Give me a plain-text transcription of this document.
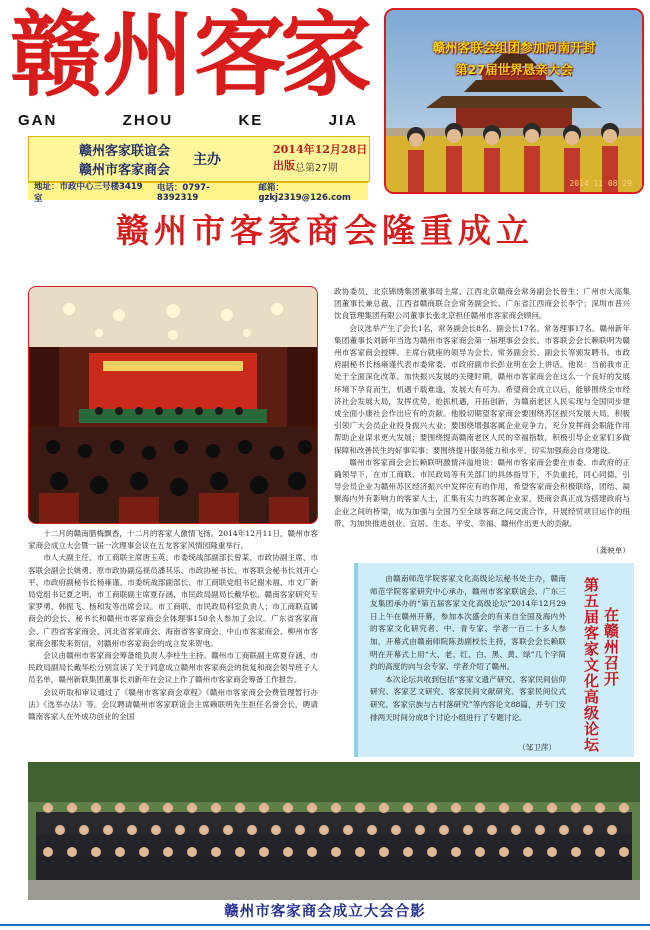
赣 州 客
家
GAN	ZHOU	KE	JIA
赣州客家联谊会
赣州市客家商会
主办
2014年12月28日出版 总第27期
地址：市政中心三号楼3419室
电话：0797-8392319
邮箱：gzkj2319@126.com
赣州客联会组团参加河南开封
第27届世界恳亲大会
2014 11 08 29
赣州市客家商会隆重成立

十二月的赣南腊梅飘香，十二月的客家人激情飞扬。2014年12月11日，赣州市客家商会成立大会暨一届一次理事会议在五龙客家风情园隆重举行。

市人大副主任、市工商联主席唐玉英、市委统战部副部长曾某、市政协副主席、市客联会副会长姚勇、原市政协副巡视员潘其乐、市政协秘书长、市客联会秘书长刘开心平、市政府副秘书长杨雍谨、市委统战部副部长、市工商联党组书记谢未福、市文广新局党组书记夏之明、市工商联副主席夏存涵、市民政局副局长戴华松、赣南客家研究专家罗勇、韩振飞、杨和发等出席会议。市工商联、市民政局科室负责人；市工商联直属商会的会长、秘书长和赣州市客家商会全体理事150余人参加了会议。广东省客家商会、广西省客家商会、河北省客家商会、海南省客家商会、中山市客家商会、柳州市客家商会都发来贺信，对赣州市客家商会的成立发来贺电。

会议由赣州市客家商会筹备组负责人李柱生主持。赣州市工商联副主席夏存涵、市民政局副局长戴华松分别宣读了关于同意成立赣州市客家商会的批复和商会领导班子人员名单，赣州新联集团董事长刘新年在会议上作了赣州市客家商会筹备工作报告。

会议听取和审议通过了《赣州市客家商会章程》《赣州市客家商会会费管理暂行办法》《选举办法》等。会议聘请赣州市客家联谊会主席赖联明先生担任名誉会长，聘请赣南客家人在外成功创业的全国

政协委员、北京锦绣集团董事局主席、江西北京赣商会常务副会长曾生；广州市大高集团董事长兼总裁、江西省赣商联合会常务副会长、广东省江西商会长李宁；深圳市普兴饮食管理集团有限公司董事长张北京担任赣州市客家商会顾问。

会议选举产生了会长1名，常务副会长8名、副会长17名、常务理事17名。赣州新年集团董事长刘新年当选为赣州市客家商会第一届理事会会长。市客联会会长赖联明为赣州市客家商会授牌。主席台就座的领导为会长、常务副会长、副会长等颁发聘书。市政府副秘书长杨雍谨代表市委常委、市政府副市长彭业明在会上讲话。他说：当前我市正处于全面深化改革、加快振兴发展的关键时期，赣州市客家商会在这么一个良好的发展环境下孕育而生，机遇千载难逢，发展大有可为。希望商会成立以后，能够围绕全市经济社会发展大局，发挥优势，抢抓机遇，开拓创新，为赣南老区人民实现与全国同步建成全面小康社会作出应有的贡献。他殷切期望客家商会要围绕苏区振兴发展大局，积极引领广大会员企业投身振兴大业；要围绕增强客属企业竞争力，充分发挥商会职能作用帮助企业谋求更大发展；要围绕提高赣南老区人民的幸福指数，积极引导企业家们多做保障和改善民生的好事实事；要围绕提升服务能力和水平，切实加强商会自身建设。

赣州市客家商会会长赖联明激情洋溢地说：赣州市客家商会要在市委、市政府的正确领导下，在市工商联、市民政局等有关部门的具体指导下，不负重托，同心同德，引导会员企业为赣州苏区经济振兴中发挥应有的作用，希望客家商会积极联络，团结、凝聚海内外有影响力的客家人士，汇集有实力的客属企业家，使商会真正成为搭建政府与企业之间的桥梁，成为加强与全国乃至全球客商之间交流合作，开展经贸项目运作的纽带。为加快推进创业、宜居、生态、平安、幸福、赣州作出更大的贡献。

（龚映单）

由赣南师范学院客家文化高级论坛秘书处主办，赣南师范学院客家研究中心承办，赣州市客家联谊会、广东三友集团承办的“第五届客家文化高级论坛”2014年12月29日上午在赣州开幕，参加本次盛会的有来自全国及海内外的客家文化研究者、中、青专家、学者一百二十多人参加，开幕式由赣南师院陈劲副校长主持，客联会会长赖联明在开幕式上用“大、老、红、白、黑、黄、绿”几个字简约的高度的向与会专家、学者介绍了赣州。

本次论坛共收到包括“客家文遗产研究、客家民间信仰研究、客家艺文研究、客家民间文献研究、客家民间仪式研究、客家宗族与古村落研究”等内容论文88篇，并专门安排两天时间分成8个讨论小组进行了专题讨论。	第五届客家文化高级论坛 在赣州召开
（邹卫萍）
赣州市客家商会成立大会合影
